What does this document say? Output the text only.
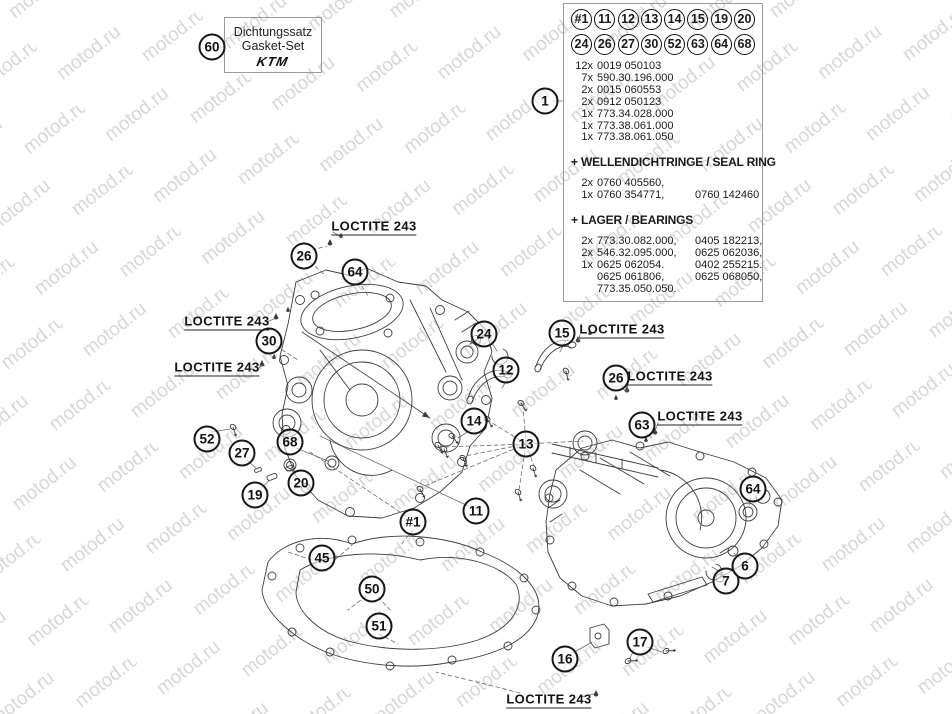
Dichtungssatz
Gasket-Set
KTM
#1 11 12 13 14 15 19 20
24 26 27 30 52 63 64 68
12x 0019 050103
7x 590.30.196.000
2x 0015 060553
2x 0912 050123
1x 773.34.028.000
1x 773.38.061.000
1x 773.38.061.050
+ WELLENDICHTRINGE / SEAL RING
2x 0760 405560,
1x 0760 354771,	0760 142460
+ LAGER / BEARINGS
2x 773.30.082.000,	0405 182213,
2x 546.32.095.000,	0625 062036,
1x 0625 062054.	0402 255215.
0625 061806,	0625 068050,
773.35.050.050.
60
1
26
64
30	24	15
12
26
63
14
13
52
27
68
19
20
#1
11
45
50
51
16
17
7
6
64
LOCTITE 243
LOCTITE 243
LOCTITE 243
LOCTITE 243
LOCTITE 243
LOCTITE 243
LOCTITE 243
